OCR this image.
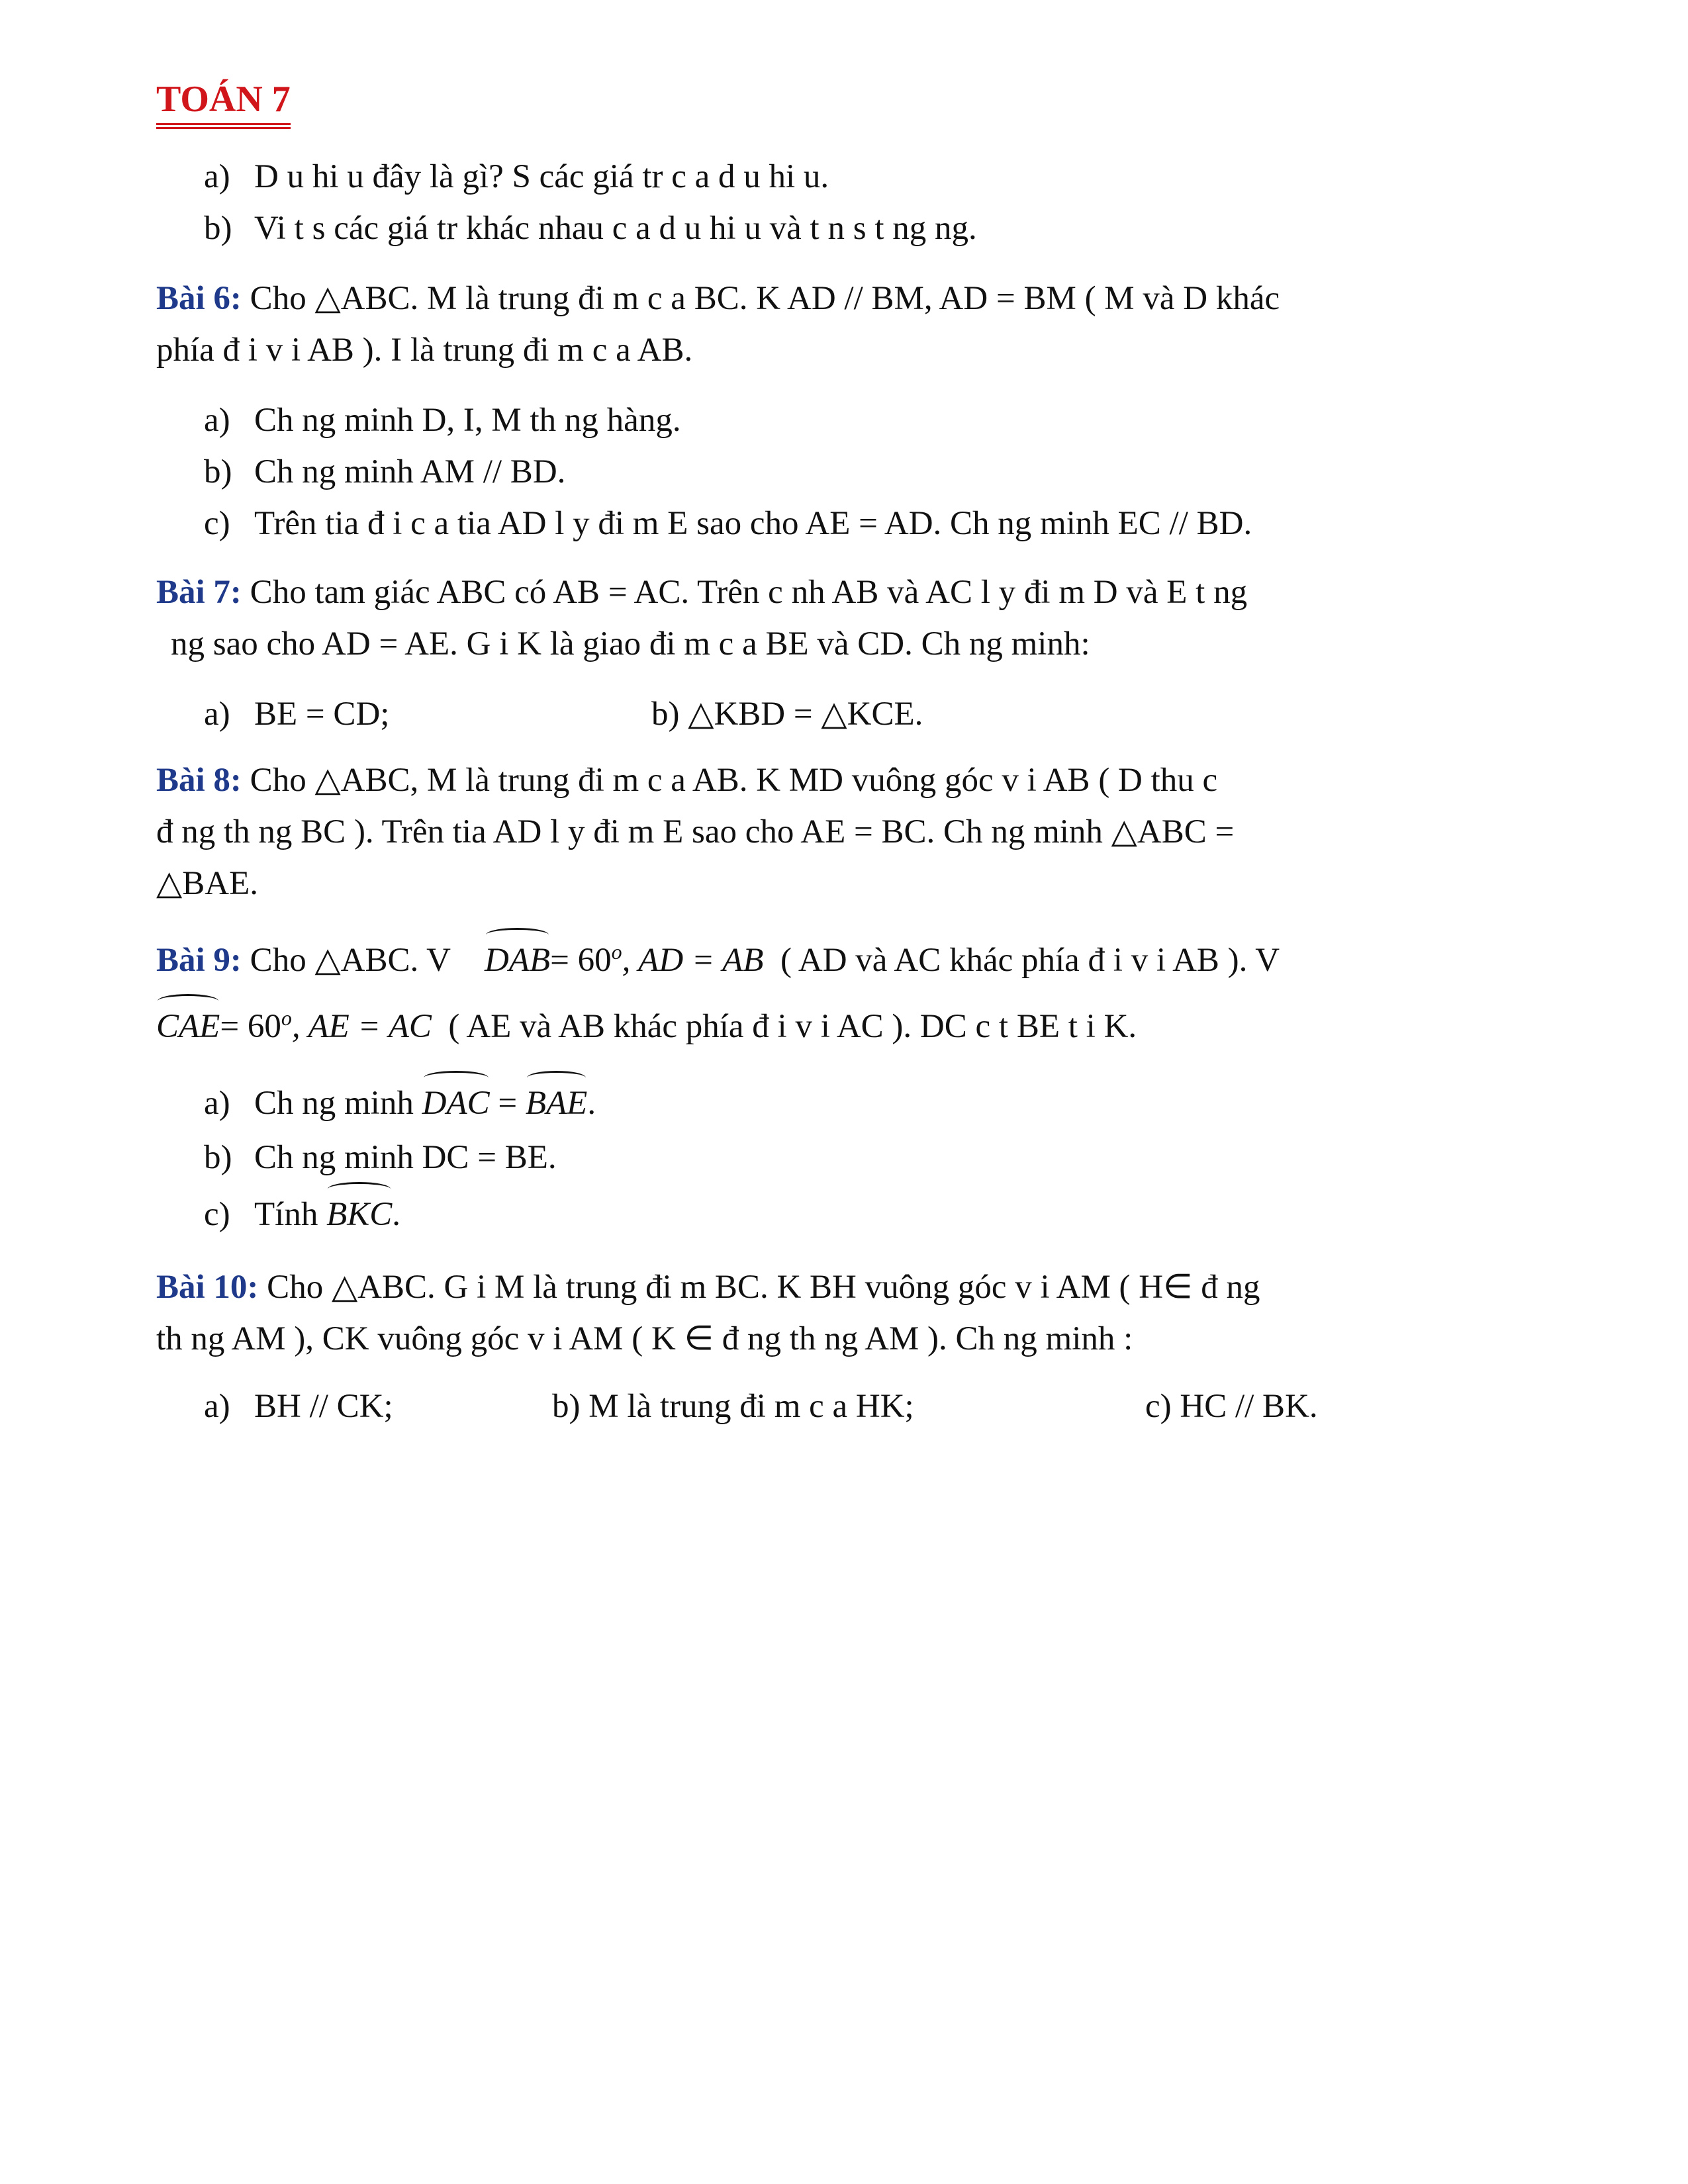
TOÁN 7
a) D u hi u đây là gì? S các giá tr c a d u hi u.
b) Vi t s các giá tr khác nhau c a d u hi u và t n s t ng ng.
Bài 6: Cho △ABC. M là trung đi m c a BC. K AD // BM, AD = BM ( M và D khác
phía đ i v i AB ). I là trung đi m c a AB.
a) Ch ng minh D, I, M th ng hàng.
b) Ch ng minh AM // BD.
c) Trên tia đ i c a tia AD l y đi m E sao cho AE = AD. Ch ng minh EC // BD.
Bài 7: Cho tam giác ABC có AB = AC. Trên c nh AB và AC l y đi m D và E t ng
ng sao cho AD = AE. G i K là giao đi m c a BE và CD. Ch ng minh:
a) BE = CD;	b) △KBD = △KCE.
Bài 8: Cho △ABC, M là trung đi m c a AB. K MD vuông góc v i AB ( D thu c
đ ng th ng BC ). Trên tia AD l y đi m E sao cho AE = BC. Ch ng minh △ABC =
△BAE.
Bài 9: Cho △ABC. V $DAB= 60^o$, AD = AB ( AD và AC khác phía đ i v i AB ). V
$CAE= 60^o$, AE = AC ( AE và AB khác phía đ i v i AC ). DC c t BE t i K.
a) Ch ng minh DAC = BAE.
b) Ch ng minh DC = BE.
c) Tính BKC.
Bài 10: Cho △ABC. G i M là trung đi m BC. K BH vuông góc v i AM ( H∈ đ ng
th ng AM ), CK vuông góc v i AM ( K ∈ đ ng th ng AM ). Ch ng minh :
a) BH // CK;	b) M là trung đi m c a HK;	c) HC // BK.
